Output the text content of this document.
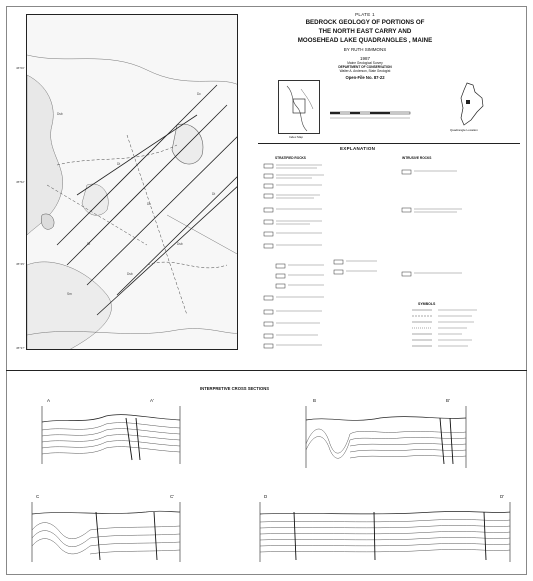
Dsb
Dt
Dc
Dsb
Dt
Sm
Dc
Dsb
Dt
46°00′
45°52′
45°45′
45°37′
PLATE 1
BEDROCK GEOLOGY OF PORTIONS OF
THE NORTH EAST CARRY AND
MOOSEHEAD LAKE QUADRANGLES , MAINE
BY RUTH SIMMONS
1987
Maine Geological Survey
DEPARTMENT OF CONSERVATION
Walter A. Anderson, State Geologist
Open-File No. 87-22
Index Map
Quadrangle Location
EXPLANATION
STRATIFIED ROCKS	INTRUSIVE ROCKS
SYMBOLS
INTERPRETIVE CROSS SECTIONS
A	A'	B	B'
C	C'	D	D'
